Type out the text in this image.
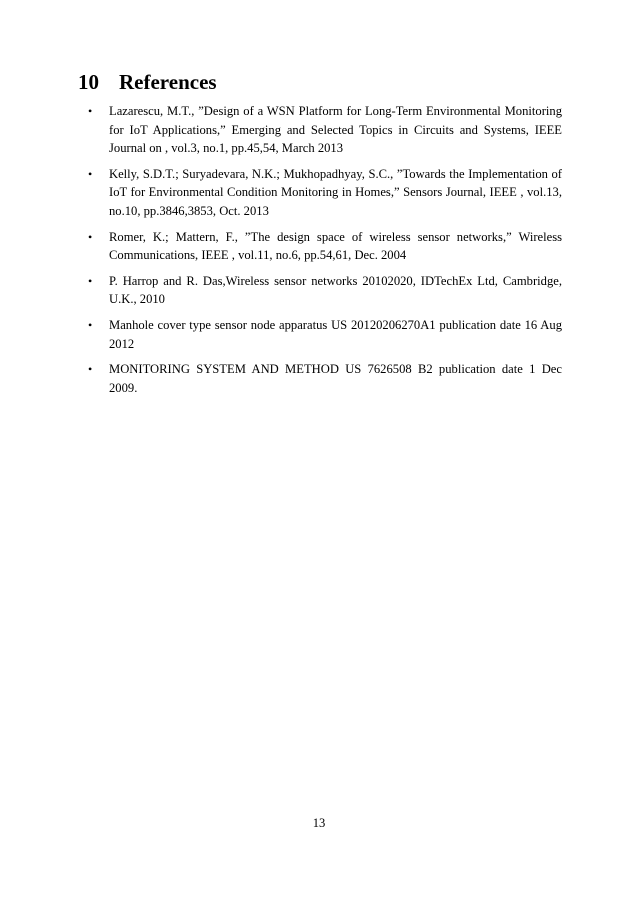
10 References
• Lazarescu, M.T., ”Design of a WSN Platform for Long-Term Environmental Monitoring for IoT Applications,” Emerging and Selected Topics in Circuits and Systems, IEEE Journal on , vol.3, no.1, pp.45,54, March 2013
• Kelly, S.D.T.; Suryadevara, N.K.; Mukhopadhyay, S.C., ”Towards the Implementation of IoT for Environmental Condition Monitoring in Homes,” Sensors Journal, IEEE , vol.13, no.10, pp.3846,3853, Oct. 2013
• Romer, K.; Mattern, F., ”The design space of wireless sensor networks,” Wireless Communications, IEEE , vol.11, no.6, pp.54,61, Dec. 2004
• P. Harrop and R. Das,Wireless sensor networks 20102020, IDTechEx Ltd, Cambridge, U.K., 2010
• Manhole cover type sensor node apparatus US 20120206270A1 publication date 16 Aug 2012
• MONITORING SYSTEM AND METHOD US 7626508 B2 publication date 1 Dec 2009.
13
